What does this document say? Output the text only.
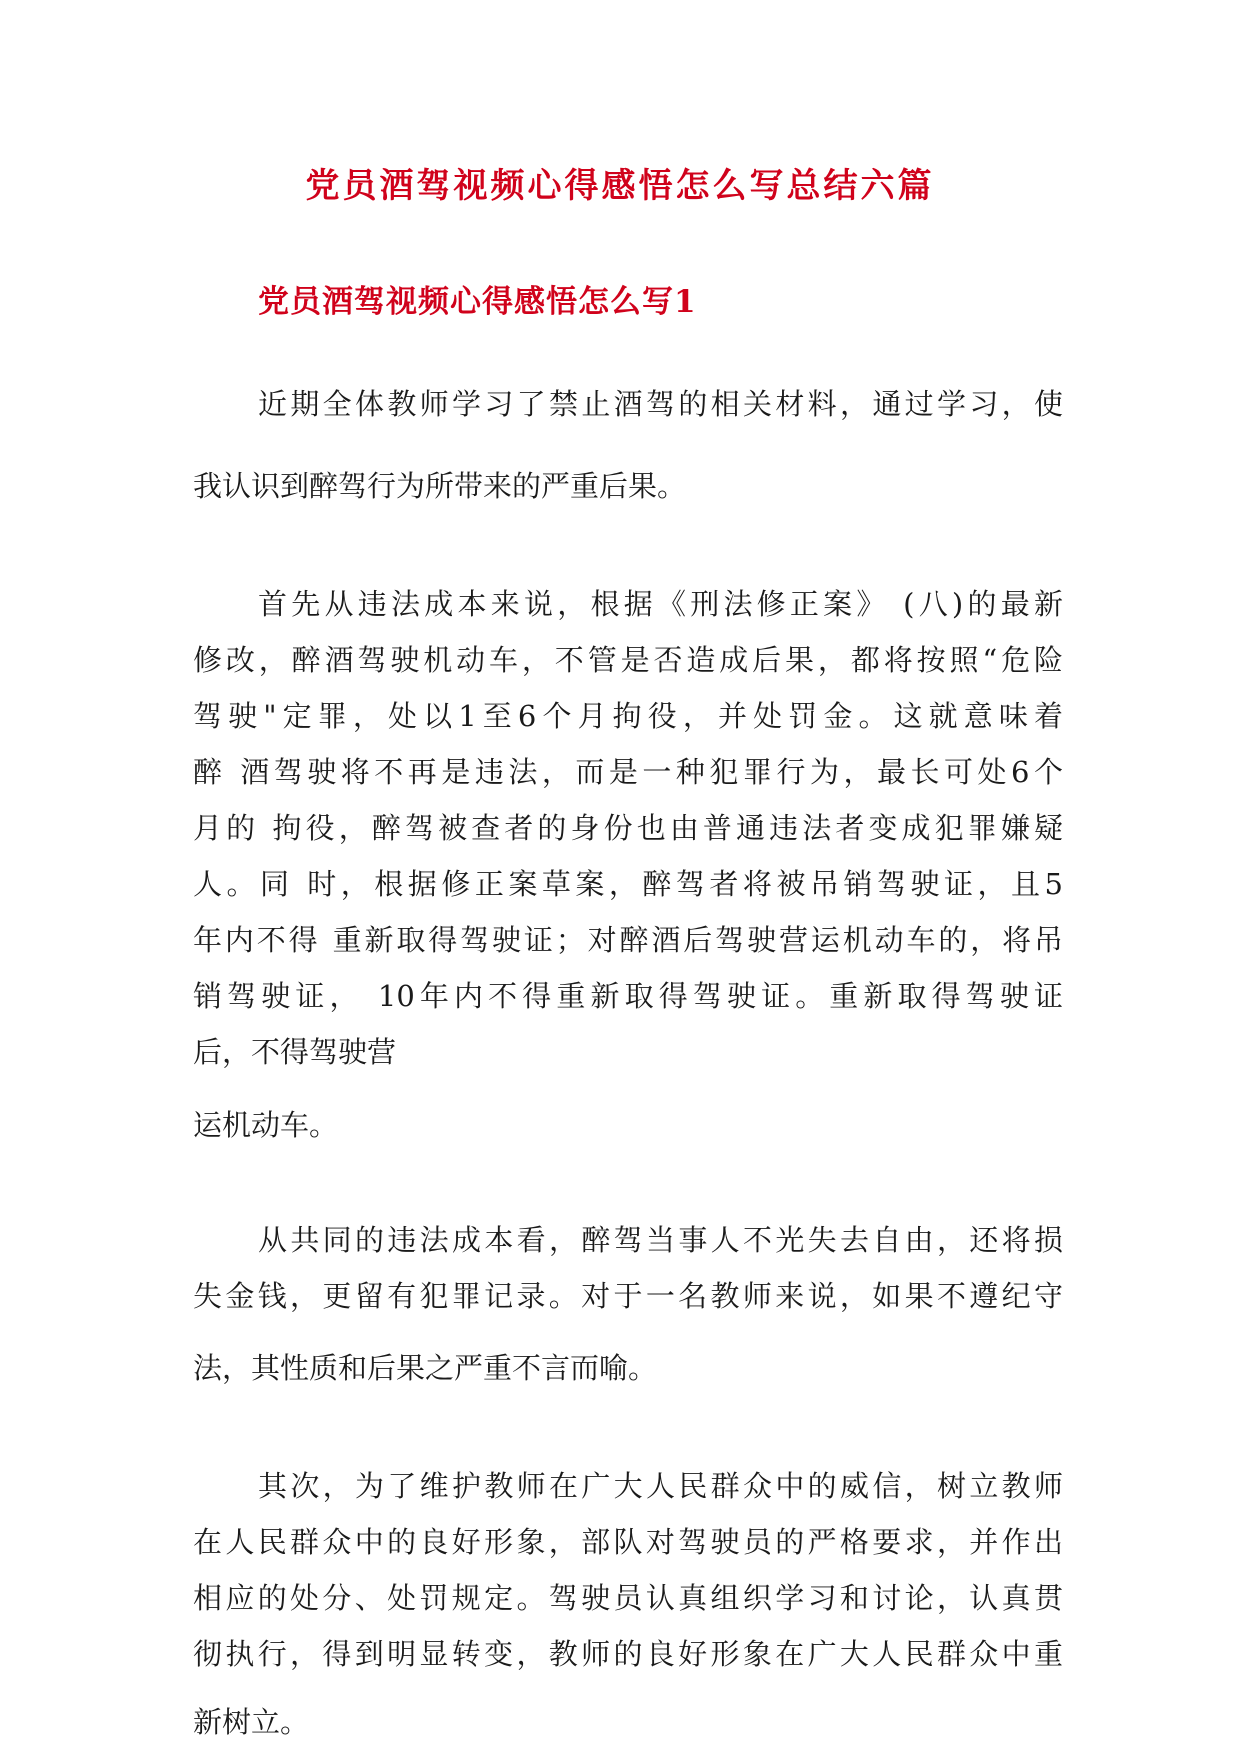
党员酒驾视频心得感悟怎么写总结六篇
党员酒驾视频心得感悟怎么写1
近期全体教师学习了禁止酒驾的相关材料，通过学习，使
我认识到醉驾行为所带来的严重后果。
首先从违法成本来说，根据《刑法修正案》 (八)的最新
修改，醉酒驾驶机动车，不管是否造成后果，都将按照“危险
驾驶"定罪，处以1至6个月拘役，并处罚金。这就意味着
醉 酒驾驶将不再是违法，而是一种犯罪行为，最长可处6个
月的 拘役，醉驾被查者的身份也由普通违法者变成犯罪嫌疑
人。同 时，根据修正案草案，醉驾者将被吊销驾驶证，且5
年内不得 重新取得驾驶证；对醉酒后驾驶营运机动车的，将吊
销驾驶证， 10年内不得重新取得驾驶证。重新取得驾驶证
后，不得驾驶营
运机动车。
从共同的违法成本看，醉驾当事人不光失去自由，还将损
失金钱，更留有犯罪记录。对于一名教师来说，如果不遵纪守
法，其性质和后果之严重不言而喻。
其次，为了维护教师在广大人民群众中的威信，树立教师
在人民群众中的良好形象，部队对驾驶员的严格要求，并作出
相应的处分、处罚规定。驾驶员认真组织学习和讨论，认真贯
彻执行，得到明显转变，教师的良好形象在广大人民群众中重
新树立。
